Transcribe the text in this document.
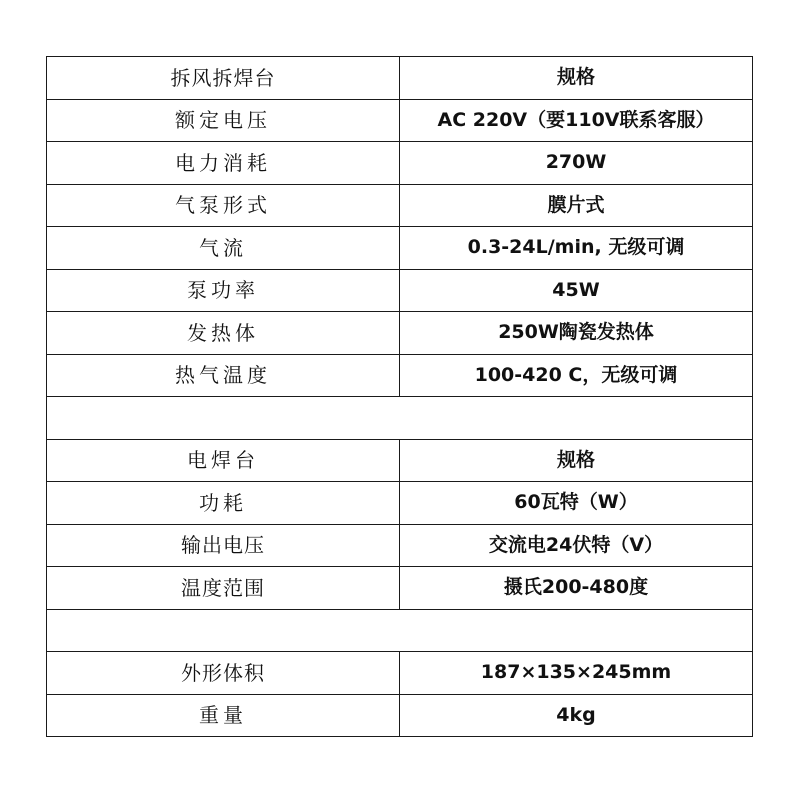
拆风拆焊台	规格
额定电压	AC 220V（要110V联系客服）
电力消耗	270W
气泵形式	膜片式
气流	0.3-24L/min, 无级可调
泵功率	45W
发热体	250W陶瓷发热体
热气温度	100-420 C，无级可调

电焊台	规格
功耗	60瓦特（W）
输出电压	交流电24伏特（V）
温度范围	摄氏200-480度

外形体积	187×135×245mm
重量	4kg
